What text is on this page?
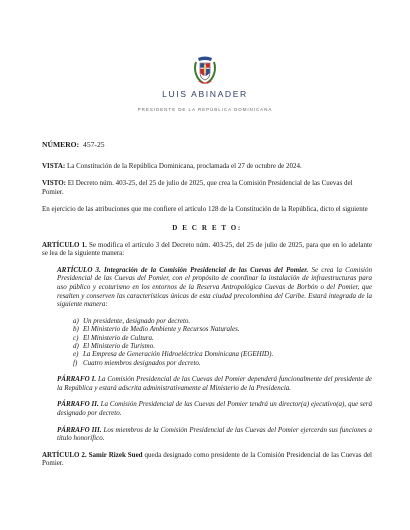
LUIS ABINADER
PRESIDENTE DE LA REPÚBLICA DOMINICANA

NÚMERO: 457-25

VISTA: La Constitución de la República Dominicana, proclamada el 27 de octubre de 2024.

VISTO: El Decreto núm. 403-25, del 25 de julio de 2025, que crea la Comisión Presidencial de las Cuevas del Pomier.

En ejercicio de las atribuciones que me confiere el artículo 128 de la Constitución de la República, dicto el siguiente

D E C R E T O:

ARTÍCULO 1. Se modifica el artículo 3 del Decreto núm. 403-25, del 25 de julio de 2025, para que en lo adelante se lea de la siguiente manera:

ARTÍCULO 3. Integración de la Comisión Presidencial de las Cuevas del Pomier. Se crea la Comisión Presidencial de las Cuevas del Pomier, con el propósito de coordinar la instalación de infraestructuras para uso público y ecoturismo en los entornos de la Reserva Antropológica Cuevas de Borbón o del Pomier, que resalten y conserven las características únicas de esta ciudad precolombina del Caribe. Estará integrada de la siguiente manera:

a) Un presidente, designado por decreto.
b) El Ministerio de Medio Ambiente y Recursos Naturales.
c) El Ministerio de Cultura.
d) El Ministerio de Turismo.
e) La Empresa de Generación Hidroeléctrica Dominicana (EGEHID).
f) Cuatro miembros designados por decreto.

PÁRRAFO I. La Comisión Presidencial de las Cuevas del Pomier dependerá funcionalmente del presidente de la República y estará adscrita administrativamente al Ministerio de la Presidencia.

PÁRRAFO II. La Comisión Presidencial de las Cuevas del Pomier tendrá un director(a) ejecutivo(a), que será designado por decreto.

PÁRRAFO III. Los miembros de la Comisión Presidencial de las Cuevas del Pomier ejercerán sus funciones a título honorífico.

ARTÍCULO 2. Samir Rizek Sued queda designado como presidente de la Comisión Presidencial de las Cuevas del Pomier.
